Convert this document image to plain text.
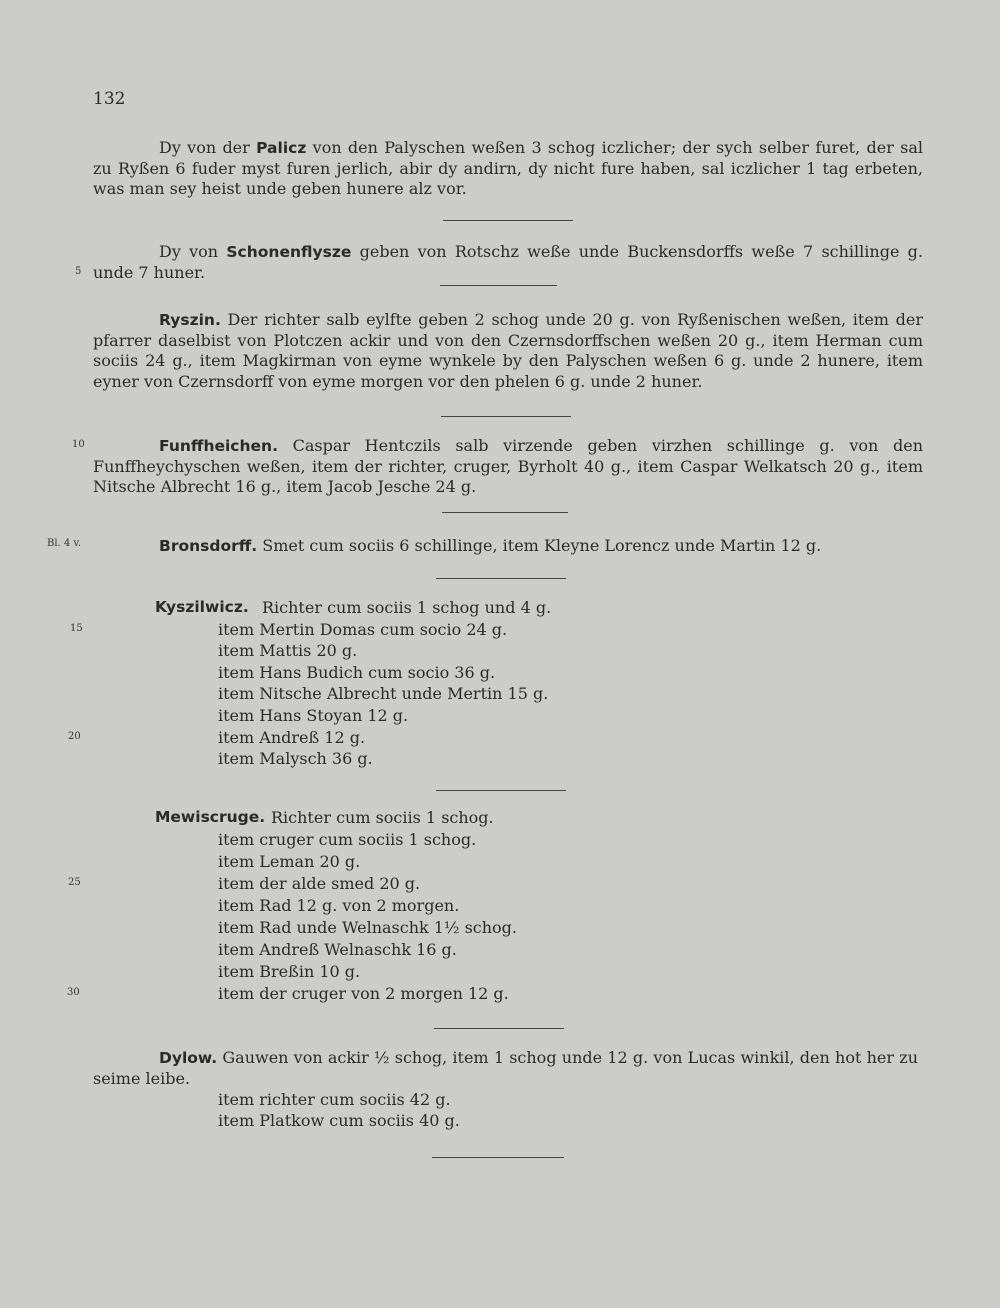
132
Dy von der Palicz von den Palyschen weßen 3 schog iczlicher; der sych selber furet, der sal zu Ryßen 6 fuder myst furen jerlich, abir dy andirn, dy nicht fure haben, sal iczlicher 1 tag erbeten, was man sey heist unde geben hunere alz vor.
Dy von Schonenflysze geben von Rotschz weße unde Buckensdorffs weße 7 schillinge g. unde 7 huner.
5
Ryszin. Der richter salb eylfte geben 2 schog unde 20 g. von Ryßenischen weßen, item der pfarrer daselbist von Plotczen ackir und von den Czernsdorffschen weßen 20 g., item Herman cum sociis 24 g., item Magkirman von eyme wynkele by den Palyschen weßen 6 g. unde 2 hunere, item eyner von Czernsdorff von eyme morgen vor den phelen 6 g. unde 2 huner.
10	Funffheichen. Caspar Hentczils salb virzende geben virzhen schillinge g. von den Funffheychyschen weßen, item der richter, cruger, Byrholt 40 g., item Caspar Welkatsch 20 g., item Nitsche Albrecht 16 g., item Jacob Jesche 24 g.
Bl. 4 v.	Bronsdorff. Smet cum sociis 6 schillinge, item Kleyne Lorencz unde Martin 12 g.
Kyszilwicz. Richter cum sociis 1 schog und 4 g.
15	item Mertin Domas cum socio 24 g.
item Mattis 20 g.
item Hans Budich cum socio 36 g.
item Nitsche Albrecht unde Mertin 15 g.
item Hans Stoyan 12 g.
20	item Andreß 12 g.
item Malysch 36 g.
Mewiscruge. Richter cum sociis 1 schog.
item cruger cum sociis 1 schog.
item Leman 20 g.
25	item der alde smed 20 g.
item Rad 12 g. von 2 morgen.
item Rad unde Welnaschk 1½ schog.
item Andreß Welnaschk 16 g.
item Breßin 10 g.
30	item der cruger von 2 morgen 12 g.
Dylow. Gauwen von ackir ½ schog, item 1 schog unde 12 g. von Lucas winkil, den hot her zu seime leibe.
item richter cum sociis 42 g.
item Platkow cum sociis 40 g.
